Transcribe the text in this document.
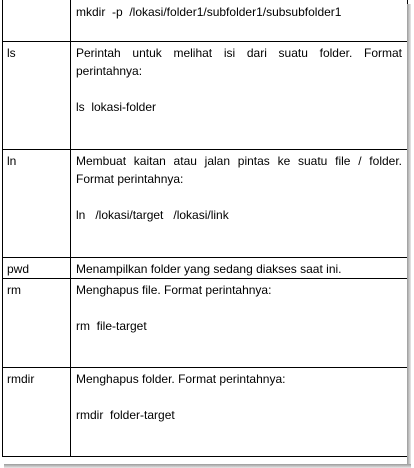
	mkdir  -p  /lokasi/folder1/subfolder1/subsubfolder1

ls	Perintah untuk melihat isi dari suatu folder. Format
perintahnya:
ls  lokasi-folder

ln	Membuat kaitan atau jalan pintas ke suatu file / folder.
Format perintahnya:
ln   /lokasi/target   /lokasi/link

pwd	Menampilkan folder yang sedang diakses saat ini.

rm	Menghapus file. Format perintahnya:
rm  file-target

rmdir	Menghapus folder. Format perintahnya:
rmdir  folder-target
